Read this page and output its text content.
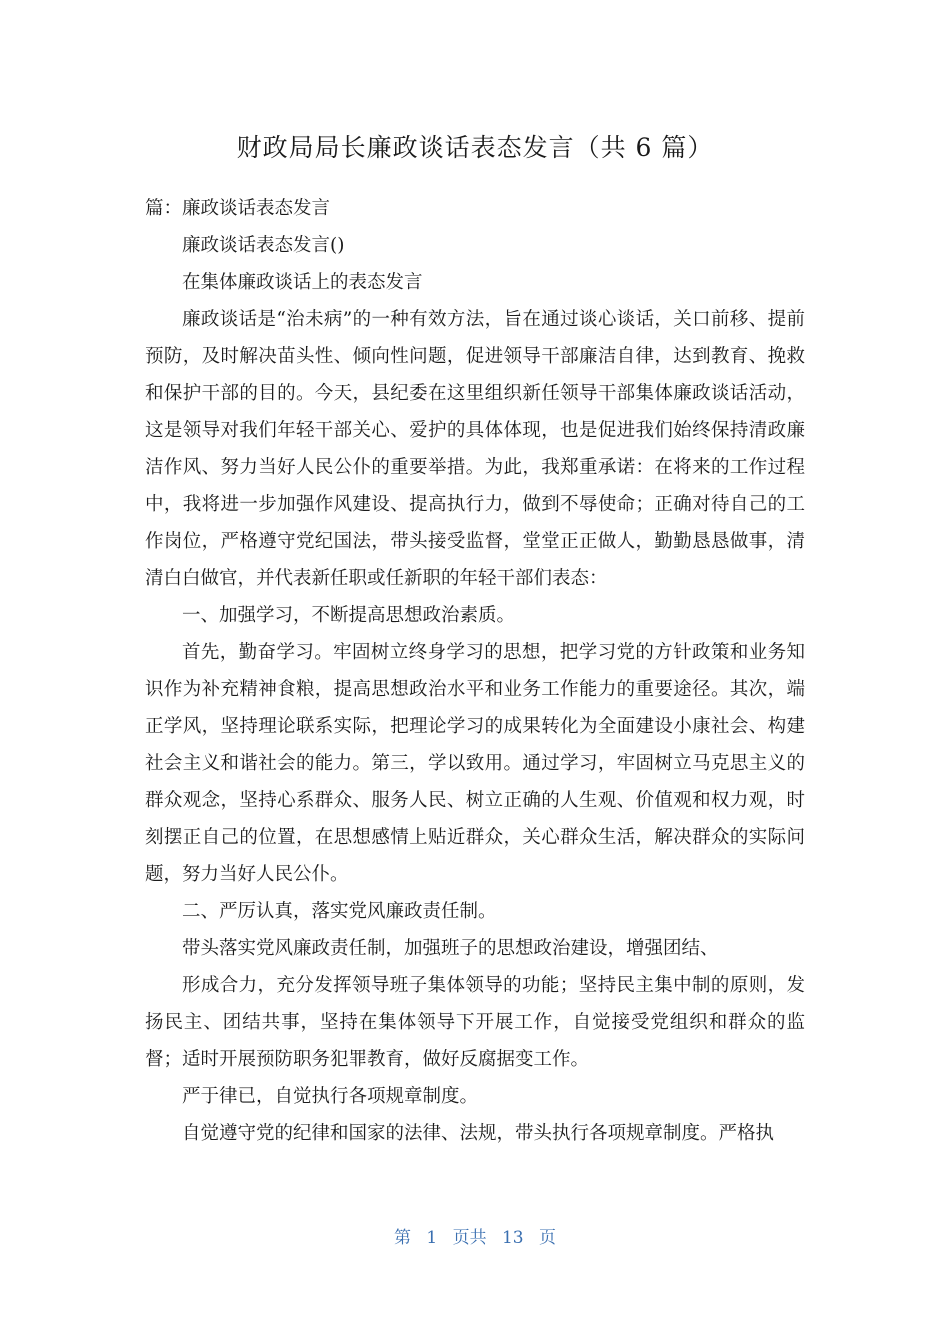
财政局局长廉政谈话表态发言（共 6 篇）

篇：廉政谈话表态发言

廉政谈话表态发言()

在集体廉政谈话上的表态发言

廉政谈话是“治未病”的一种有效方法，旨在通过谈心谈话，关口前移、提前预防，及时解决苗头性、倾向性问题，促进领导干部廉洁自律，达到教育、挽救和保护干部的目的。今天，县纪委在这里组织新任领导干部集体廉政谈话活动，这是领导对我们年轻干部关心、爱护的具体体现，也是促进我们始终保持清政廉洁作风、努力当好人民公仆的重要举措。为此，我郑重承诺：在将来的工作过程中，我将进一步加强作风建设、提高执行力，做到不辱使命；正确对待自己的工作岗位，严格遵守党纪国法，带头接受监督，堂堂正正做人，勤勤恳恳做事，清清白白做官，并代表新任职或任新职的年轻干部们表态：

一、加强学习，不断提高思想政治素质。

首先，勤奋学习。牢固树立终身学习的思想，把学习党的方针政策和业务知识作为补充精神食粮，提高思想政治水平和业务工作能力的重要途径。其次，端正学风，坚持理论联系实际，把理论学习的成果转化为全面建设小康社会、构建社会主义和谐社会的能力。第三，学以致用。通过学习，牢固树立马克思主义的群众观念，坚持心系群众、服务人民、树立正确的人生观、价值观和权力观，时刻摆正自己的位置，在思想感情上贴近群众，关心群众生活，解决群众的实际问题，努力当好人民公仆。

二、严厉认真，落实党风廉政责任制。

带头落实党风廉政责任制，加强班子的思想政治建设，增强团结、

形成合力，充分发挥领导班子集体领导的功能；坚持民主集中制的原则，发扬民主、团结共事，坚持在集体领导下开展工作，自觉接受党组织和群众的监督；适时开展预防职务犯罪教育，做好反腐据变工作。

严于律已，自觉执行各项规章制度。

自觉遵守党的纪律和国家的法律、法规，带头执行各项规章制度。严格执

第 1 页共 13 页
